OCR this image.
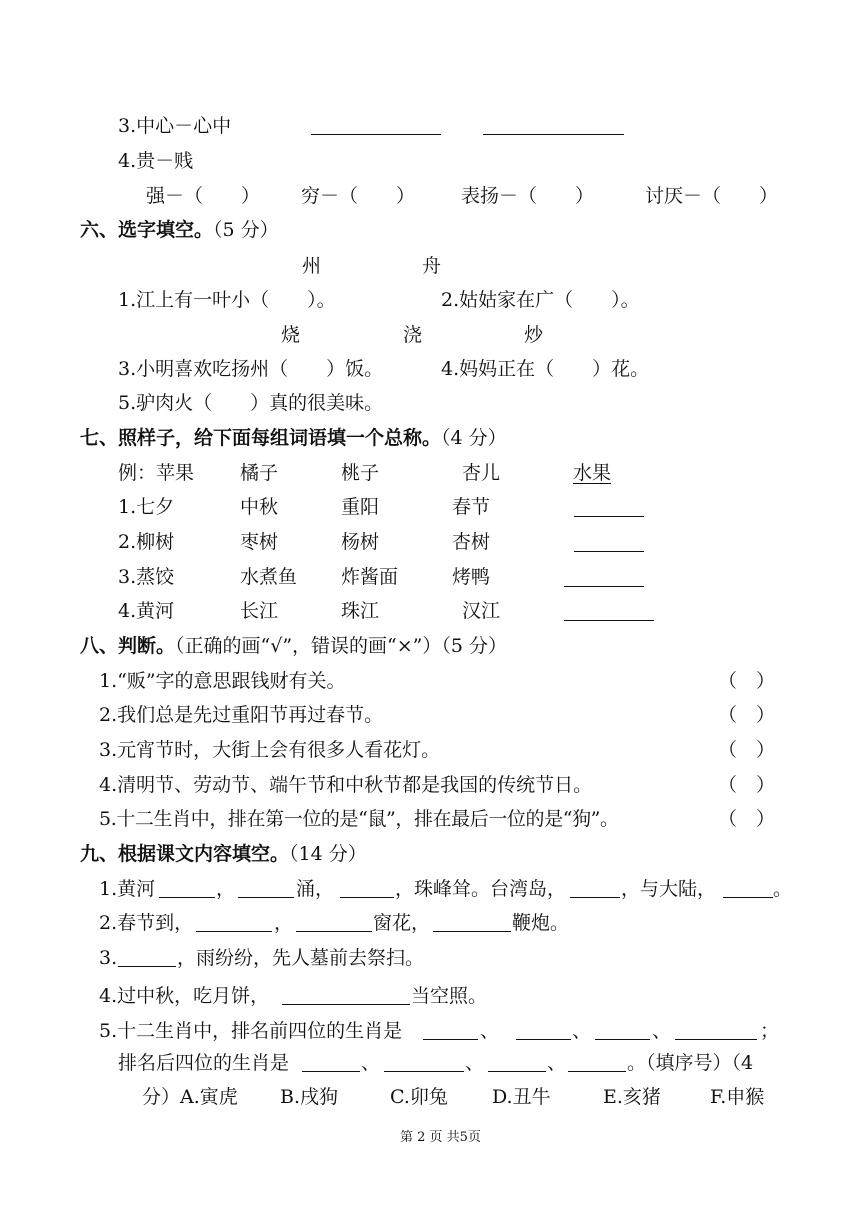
3.中心－心中
4.贵－贱
强－（　　） 穷－（　　） 表扬－（　　）	讨厌－（　　）
六、选字填空。（5 分）
州	舟
1.江上有一叶小（　　）。	2.姑姑家在广（　　）。
烧	浇	炒
3.小明喜欢吃扬州（　　）饭。	4.妈妈正在（　　）花。
5.驴肉火（　　）真的很美味。
七、照样子，给下面每组词语填一个总称。（4 分）
例：苹果 橘子	桃子	杏儿	水果
1.七夕	中秋	重阳	春节
2.柳树	枣树	杨树	杏树
3.蒸饺	水煮鱼 炸酱面	烤鸭
4.黄河	长江	珠江	汉江
八、判断。（正确的画“√”，错误的画“×”）（5 分）
1.“贩”字的意思跟钱财有关。	（　）
2.我们总是先过重阳节再过春节。	（　）
3.元宵节时，大街上会有很多人看花灯。	（　）
4.清明节、劳动节、端午节和中秋节都是我国的传统节日。	（　）
5.十二生肖中，排在第一位的是“鼠”，排在最后一位的是“狗”。	（　）
九、根据课文内容填空。（14 分）
1.黄河	，	涌，	，珠峰耸。台湾岛，	，与大陆，	。
2.春节到，	，	窗花，	鞭炮。
3.	，雨纷纷，先人墓前去祭扫。
4.过中秋，吃月饼，	当空照。
5.十二生肖中，排名前四位的生肖是	、	、	、	；
排名后四位的生肖是	、	、	、	。（填序号）（4
分）A.寅虎 B.戌狗	C.卯兔 D.丑牛	E.亥猪	F.申猴
第 2 页 共5页
